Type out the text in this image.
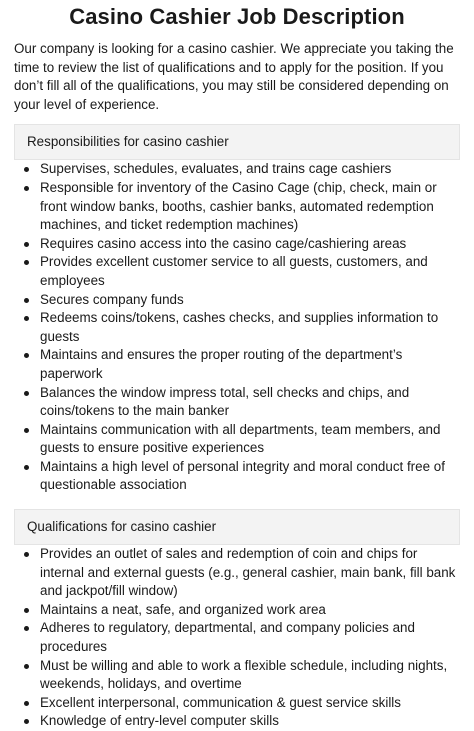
Casino Cashier Job Description

Our company is looking for a casino cashier. We appreciate you taking the time to review the list of qualifications and to apply for the position. If you don’t fill all of the qualifications, you may still be considered depending on your level of experience.

Responsibilities for casino cashier
Supervises, schedules, evaluates, and trains cage cashiers
Responsible for inventory of the Casino Cage (chip, check, main or front window banks, booths, cashier banks, automated redemption machines, and ticket redemption machines)
Requires casino access into the casino cage/cashiering areas
Provides excellent customer service to all guests, customers, and employees
Secures company funds
Redeems coins/tokens, cashes checks, and supplies information to guests
Maintains and ensures the proper routing of the department’s paperwork
Balances the window impress total, sell checks and chips, and coins/tokens to the main banker
Maintains communication with all departments, team members, and guests to ensure positive experiences
Maintains a high level of personal integrity and moral conduct free of questionable association
Qualifications for casino cashier
Provides an outlet of sales and redemption of coin and chips for internal and external guests (e.g., general cashier, main bank, fill bank and jackpot/fill window)
Maintains a neat, safe, and organized work area
Adheres to regulatory, departmental, and company policies and procedures
Must be willing and able to work a flexible schedule, including nights, weekends, holidays, and overtime
Excellent interpersonal, communication & guest service skills
Knowledge of entry-level computer skills
